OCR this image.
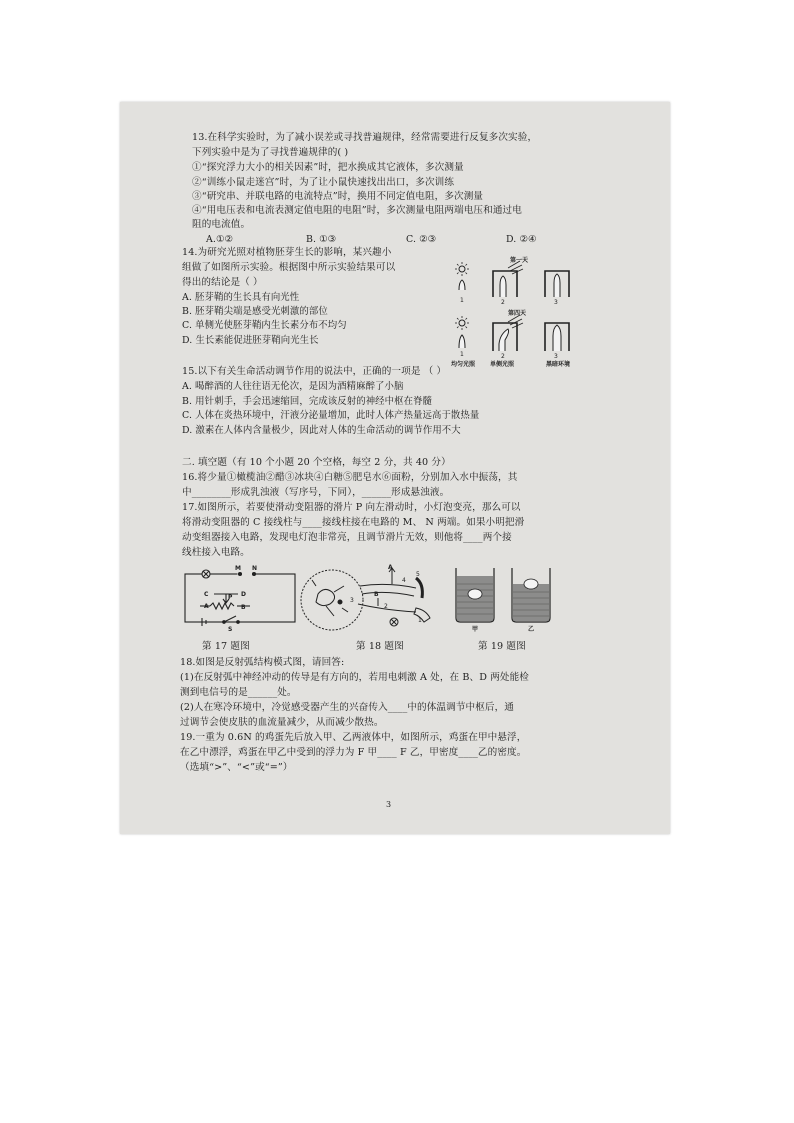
13.在科学实验时，为了减小误差或寻找普遍规律，经常需要进行反复多次实验，
下列实验中是为了寻找普遍规律的( )
①“探究浮力大小的相关因素”时，把水换成其它液体，多次测量
②“训练小鼠走迷宫”时，为了让小鼠快速找出出口，多次训练
③“研究串、并联电路的电流特点”时，换用不同定值电阻，多次测量
④“用电压表和电流表测定值电阻的电阻”时，多次测量电阻两端电压和通过电
阻的电流值。
A.①②	B. ①③	C. ②③	D. ②④
14.为研究光照对植物胚芽生长的影响，某兴趣小
组做了如图所示实验。根据图中所示实验结果可以
得出的结论是（ ）
A. 胚芽鞘的生长具有向光性
B. 胚芽鞘尖端是感受光刺激的部位
C. 单侧光使胚芽鞘内生长素分布不均匀
D. 生长素能促进胚芽鞘向光生长
第一天
第四天
1	2	3
1	2	3
均匀光照 单侧光照	黑暗环境
15.以下有关生命活动调节作用的说法中，正确的一项是 （ ）
A. 喝醉酒的人往往语无伦次，是因为酒精麻醉了小脑
B. 用针刺手，手会迅速缩回，完成该反射的神经中枢在脊髓
C. 人体在炎热环境中，汗液分泌量增加，此时人体产热量远高于散热量
D. 激素在人体内含量极少，因此对人体的生命活动的调节作用不大
二. 填空题（有 10 个小题 20 个空格，每空 2 分，共 40 分）
16.将少量①橄榄油②醋③冰块④白糖⑤肥皂水⑥面粉，分别加入水中振荡，其
中________形成乳浊液（写序号，下同），______形成悬浊液。
17.如图所示，若要使滑动变阻器的滑片 P 向左滑动时，小灯泡变亮，那么可以
将滑动变阻器的 C 接线柱与____接线柱接在电路的 M、 N 两端。如果小明把滑
动变组器接入电路，发现电灯泡非常亮，且调节滑片无效，则他将____两个接
线柱接入电路。
M N
C	P
A
D
B
S
A
B
1
2
3
4
5
甲	乙
第 17 题图	第 18 题图	第 19 题图
18.如图是反射弧结构模式图，请回答:
(1)在反射弧中神经冲动的传导是有方向的，若用电刺激 A 处，在 B、D 两处能检
测到电信号的是______处。
(2)人在寒冷环境中，冷觉感受器产生的兴奋传入____中的体温调节中枢后，通
过调节会使皮肤的血流量减少，从而减少散热。
19.一重为 0.6N 的鸡蛋先后放入甲、乙两液体中，如图所示，鸡蛋在甲中悬浮，
在乙中漂浮，鸡蛋在甲乙中受到的浮力为 F 甲____ F 乙，甲密度____乙的密度。
（选填“>”、“<”或“=”）
3
